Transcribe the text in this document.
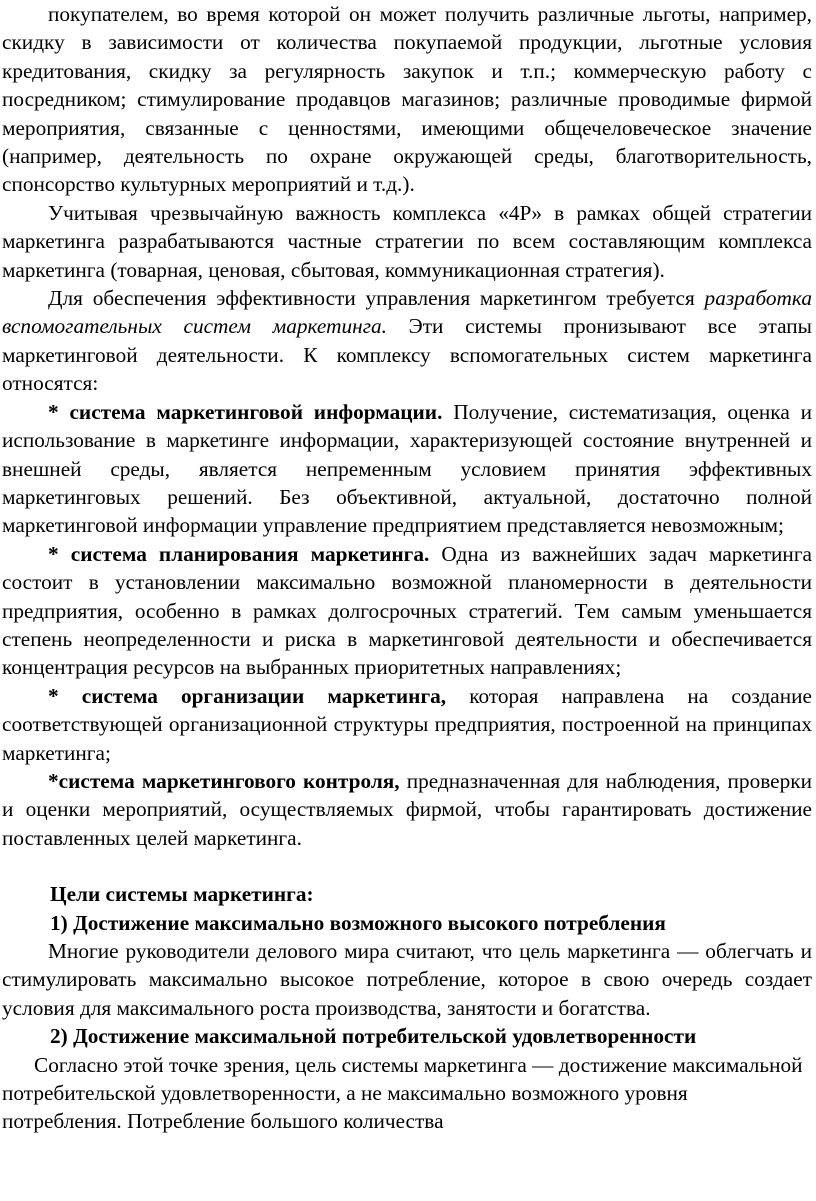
покупателем, во время которой он может получить различные льготы, например, скидку в зависимости от количества покупаемой продукции, льготные условия кредитования, скидку за регулярность закупок и т.п.; коммерческую работу с посредником; стимулирование продавцов магазинов; различные проводимые фирмой мероприятия, связанные с ценностями, имеющими общечеловеческое значение (например, деятельность по охране окружающей среды, благотворительность, спонсорство культурных мероприятий и т.д.).

Учитывая чрезвычайную важность комплекса «4P» в рамках общей стратегии маркетинга разрабатываются частные стратегии по всем составляющим комплекса маркетинга (товарная, ценовая, сбытовая, коммуникационная стратегия).

Для обеспечения эффективности управления маркетингом требуется разработка вспомогательных систем маркетинга. Эти системы пронизывают все этапы маркетинговой деятельности. К комплексу вспомогательных систем маркетинга относятся:

* система маркетинговой информации. Получение, систематизация, оценка и использование в маркетинге информации, характеризующей состояние внутренней и внешней среды, является непременным условием принятия эффективных маркетинговых решений. Без объективной, актуальной, достаточно полной маркетинговой информации управление предприятием представляется невозможным;

* система планирования маркетинга. Одна из важнейших задач маркетинга состоит в установлении максимально возможной планомерности в деятельности предприятия, особенно в рамках долгосрочных стратегий. Тем самым уменьшается степень неопределенности и риска в маркетинговой деятельности и обеспечивается концентрация ресурсов на выбранных приоритетных направлениях;

* система организации маркетинга, которая направлена на создание соответствующей организационной структуры предприятия, построенной на принципах маркетинга;

*система маркетингового контроля, предназначенная для наблюдения, проверки и оценки мероприятий, осуществляемых фирмой, чтобы гарантировать достижение поставленных целей маркетинга.

Цели системы маркетинга:

1) Достижение максимально возможного высокого потребления

Многие руководители делового мира считают, что цель маркетинга — облегчать и стимулировать максимально высокое потребление, которое в свою очередь создает условия для максимального роста производства, занятости и богатства.

2) Достижение максимальной потребительской удовлетворенности

Согласно этой точке зрения, цель системы маркетинга — достижение максимальной потребительской удовлетворенности, а не максимально возможного уровня потребления. Потребление большого количества
